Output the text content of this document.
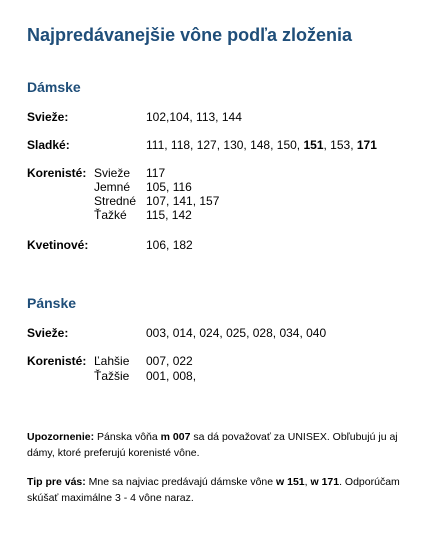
Najpredávanejšie vône podľa zloženia
Dámske
Svieže:	102,104, 113, 144
Sladké:	111, 118, 127, 130, 148, 150, 151, 153, 171
Korenisté: Svieže 117
Jemné 105, 116
Stredné 107, 141, 157
Ťažké 115, 142
Kvetinové:	106, 182
Pánske
Svieže:	003, 014, 024, 025, 028, 034, 040
Korenisté: Ľahšie 007, 022
Ťažšie 001, 008,
Upozornenie: Pánska vôňa m 007 sa dá považovať za UNISEX. Obľubujú ju aj dámy, ktoré preferujú korenisté vône.
Tip pre vás: Mne sa najviac predávajú dámske vône w 151, w 171. Odporúčam skúšať maximálne 3 - 4 vône naraz.
